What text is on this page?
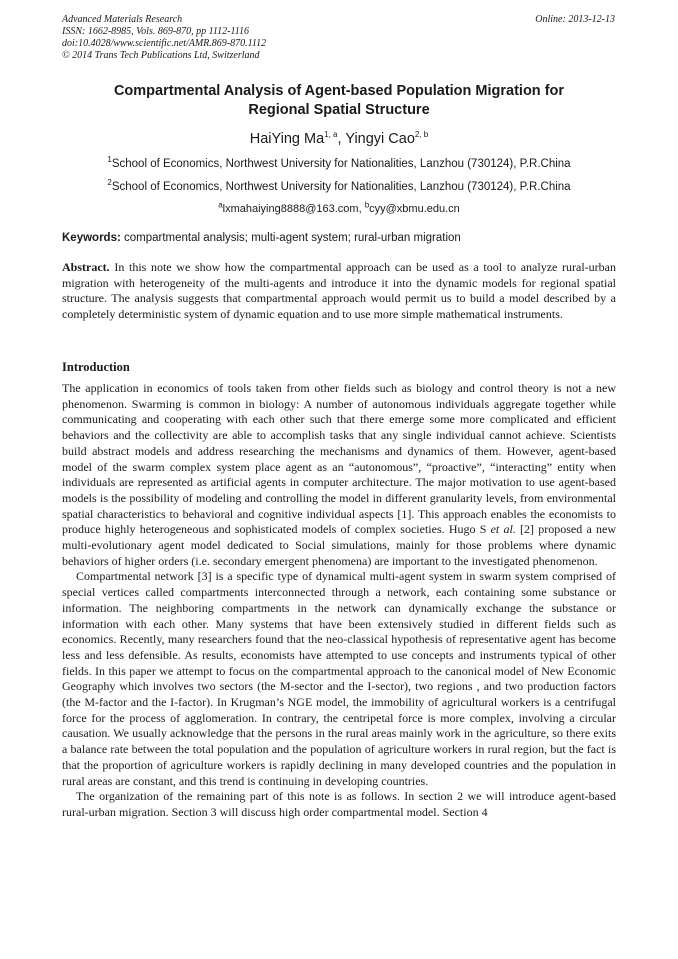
Advanced Materials Research
ISSN: 1662-8985, Vols. 869-870, pp 1112-1116
doi:10.4028/www.scientific.net/AMR.869-870.1112
© 2014 Trans Tech Publications Ltd, Switzerland
Online: 2013-12-13
Compartmental Analysis of Agent-based Population Migration for
Regional Spatial Structure
HaiYing Ma$^{1, a}$, Yingyi Cao$^{2, b}$
$^1$School of Economics, Northwest University for Nationalities, Lanzhou (730124), P.R.China
$^2$School of Economics, Northwest University for Nationalities, Lanzhou (730124), P.R.China
$^a$lxmahaiying8888@163.com, $^b$cyy@xbmu.edu.cn
Keywords: compartmental analysis; multi-agent system; rural-urban migration
Abstract. In this note we show how the compartmental approach can be used as a tool to analyze rural-urban migration with heterogeneity of the multi-agents and introduce it into the dynamic models for regional spatial structure. The analysis suggests that compartmental approach would permit us to build a model described by a completely deterministic system of dynamic equation and to use more simple mathematical instruments.
Introduction

The application in economics of tools taken from other fields such as biology and control theory is not a new phenomenon. Swarming is common in biology: A number of autonomous individuals aggregate together while communicating and cooperating with each other such that there emerge some more complicated and efficient behaviors and the collectivity are able to accomplish tasks that any single individual cannot achieve. Scientists build abstract models and address researching the mechanisms and dynamics of them. However, agent-based model of the swarm complex system place agent as an “autonomous”, “proactive”, “interacting” entity when individuals are represented as artificial agents in computer architecture. The major motivation to use agent-based models is the possibility of modeling and controlling the model in different granularity levels, from environmental spatial characteristics to behavioral and cognitive individual aspects [1]. This approach enables the economists to produce highly heterogeneous and sophisticated models of complex societies. Hugo S et al. [2] proposed a new multi-evolutionary agent model dedicated to Social simulations, mainly for those problems where dynamic behaviors of higher orders (i.e. secondary emergent phenomena) are important to the investigated phenomenon.

Compartmental network [3] is a specific type of dynamical multi-agent system in swarm system comprised of special vertices called compartments interconnected through a network, each containing some substance or information. The neighboring compartments in the network can dynamically exchange the substance or information with each other. Many systems that have been extensively studied in different fields such as economics. Recently, many researchers found that the neo-classical hypothesis of representative agent has become less and less defensible. As results, economists have attempted to use concepts and instruments typical of other fields. In this paper we attempt to focus on the compartmental approach to the canonical model of New Economic Geography which involves two sectors (the M-sector and the I-sector), two regions , and two production factors (the M-factor and the I-factor). In Krugman’s NGE model, the immobility of agricultural workers is a centrifugal force for the process of agglomeration. In contrary, the centripetal force is more complex, involving a circular causation. We usually acknowledge that the persons in the rural areas mainly work in the agriculture, so there exits a balance rate between the total population and the population of agriculture workers in rural region, but the fact is that the proportion of agriculture workers is rapidly declining in many developed countries and the population in rural areas are constant, and this trend is continuing in developing countries.

The organization of the remaining part of this note is as follows. In section 2 we will introduce agent-based rural-urban migration. Section 3 will discuss high order compartmental model. Section 4
